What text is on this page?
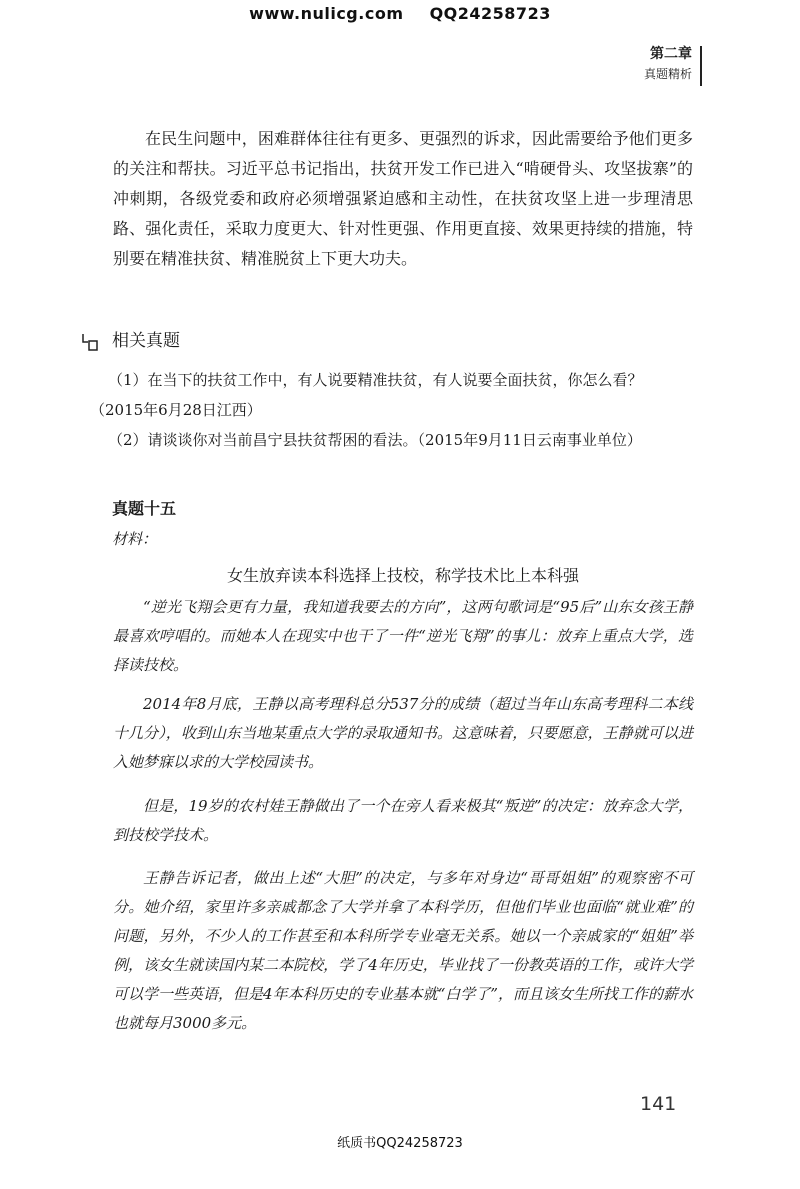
www.nulicg.com QQ24258723
第二章
真题精析

在民生问题中，困难群体往往有更多、更强烈的诉求，因此需要给予他们更多的关注和帮扶。习近平总书记指出，扶贫开发工作已进入“啃硬骨头、攻坚拔寨”的冲刺期，各级党委和政府必须增强紧迫感和主动性，在扶贫攻坚上进一步理清思路、强化责任，采取力度更大、针对性更强、作用更直接、效果更持续的措施，特别要在精准扶贫、精准脱贫上下更大功夫。

相关真题

（1）在当下的扶贫工作中，有人说要精准扶贫，有人说要全面扶贫，你怎么看？

（2015年6月28日江西）

（2）请谈谈你对当前昌宁县扶贫帮困的看法。（2015年9月11日云南事业单位）

真题十五
材料：
女生放弃读本科选择上技校，称学技术比上本科强

“逆光飞翔会更有力量，我知道我要去的方向”，这两句歌词是“95后”山东女孩王静最喜欢哼唱的。而她本人在现实中也干了一件“逆光飞翔”的事儿：放弃上重点大学，选择读技校。

2014年8月底，王静以高考理科总分537分的成绩（超过当年山东高考理科二本线十几分），收到山东当地某重点大学的录取通知书。这意味着，只要愿意，王静就可以进入她梦寐以求的大学校园读书。

但是，19岁的农村娃王静做出了一个在旁人看来极其“叛逆”的决定：放弃念大学，到技校学技术。

王静告诉记者，做出上述“大胆”的决定，与多年对身边“哥哥姐姐”的观察密不可分。她介绍，家里许多亲戚都念了大学并拿了本科学历，但他们毕业也面临“就业难”的问题，另外，不少人的工作甚至和本科所学专业毫无关系。她以一个亲戚家的“姐姐”举例，该女生就读国内某二本院校，学了4年历史，毕业找了一份教英语的工作，或许大学可以学一些英语，但是4年本科历史的专业基本就“白学了”，而且该女生所找工作的薪水也就每月3000多元。

141
纸质书QQ24258723
